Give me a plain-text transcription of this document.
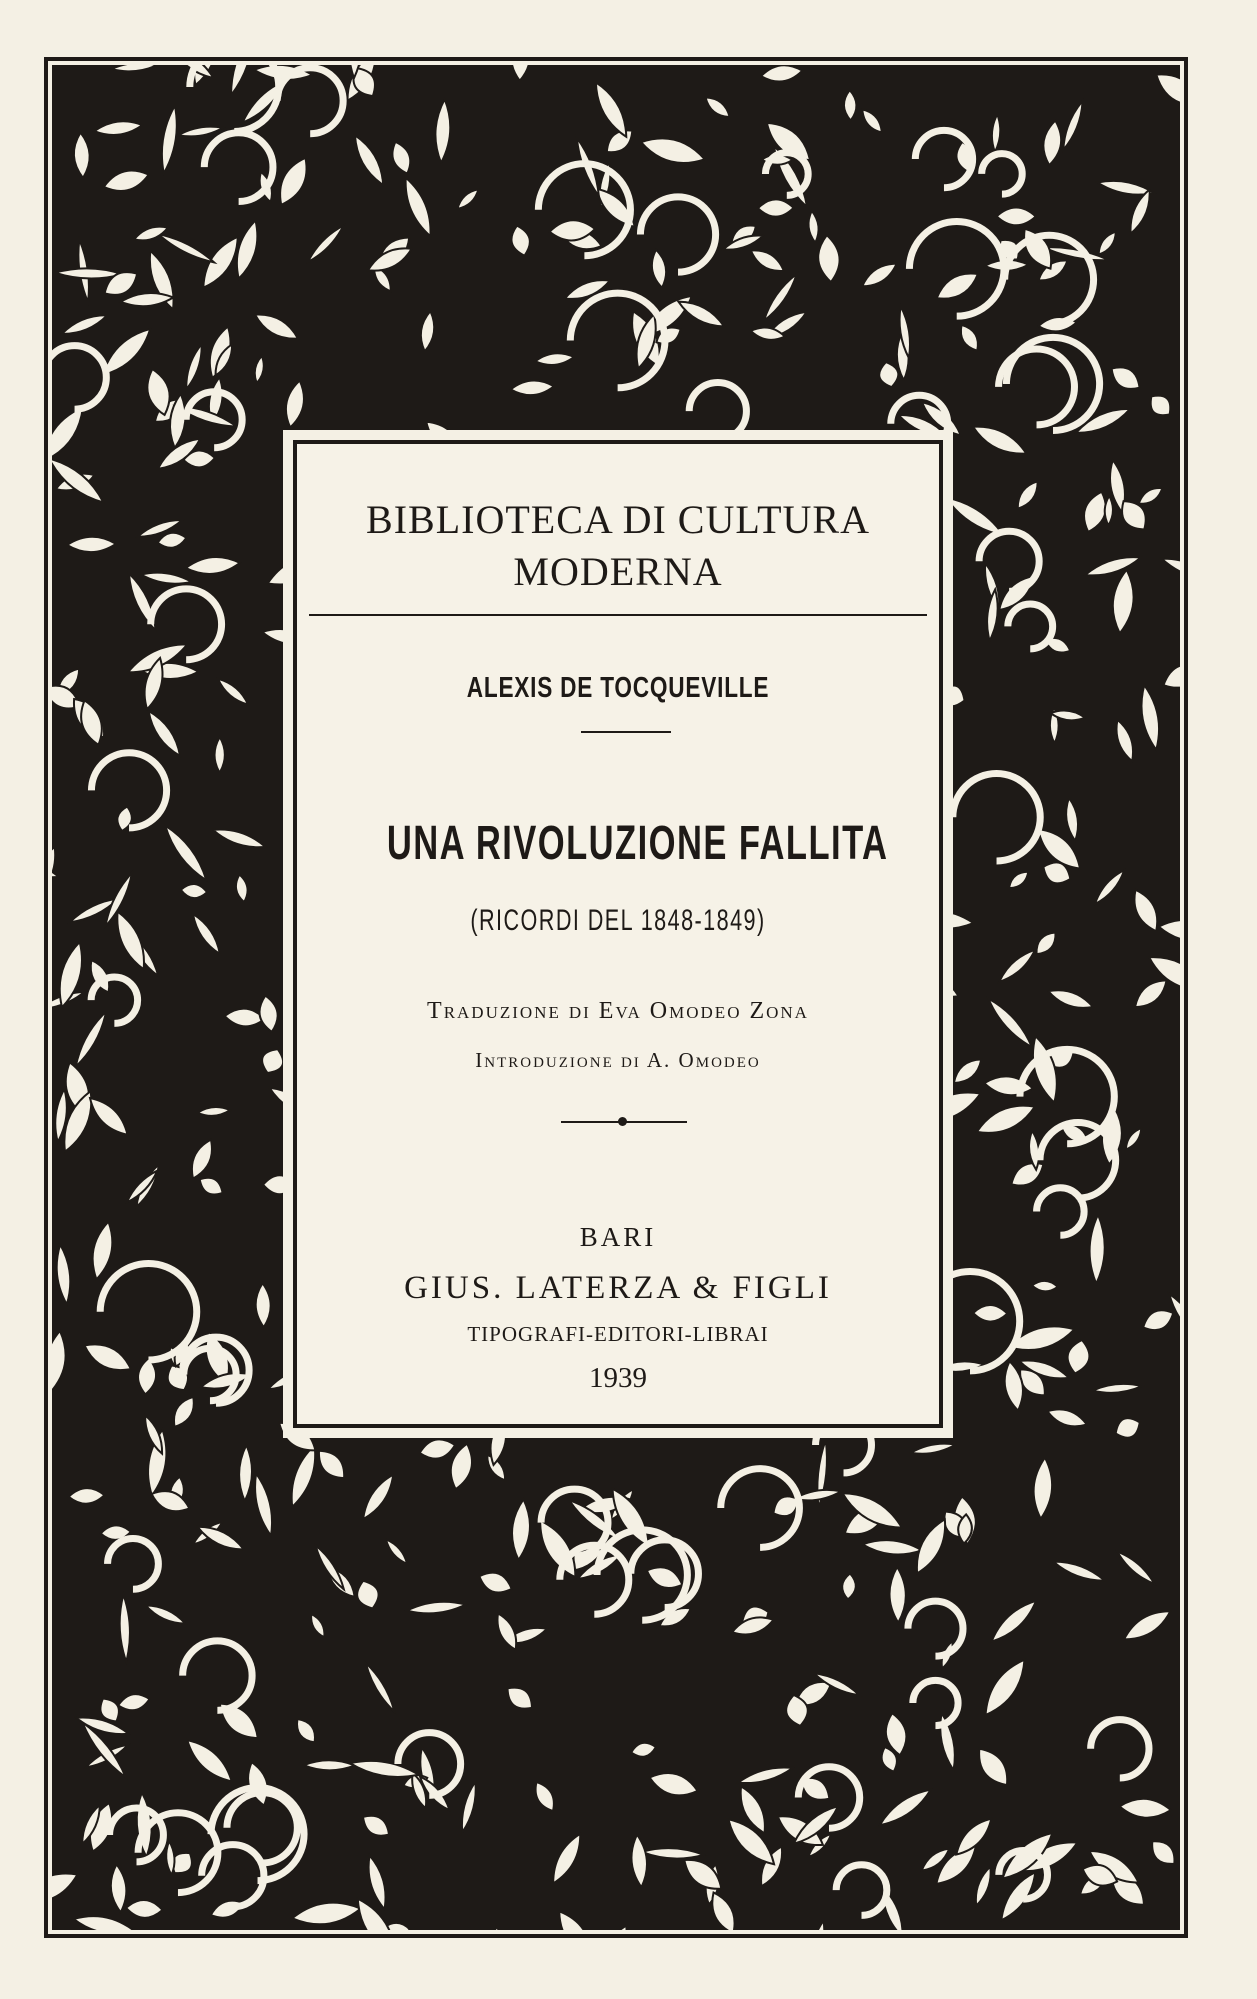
BIBLIOTECA DI CULTURA
MODERNA
ALEXIS DE TOCQUEVILLE
UNA RIVOLUZIONE FALLITA
(RICORDI DEL 1848-1849)
Traduzione di Eva Omodeo Zona
Introduzione di A. Omodeo
BARI
GIUS. LATERZA & FIGLI
TIPOGRAFI-EDITORI-LIBRAI
1939
